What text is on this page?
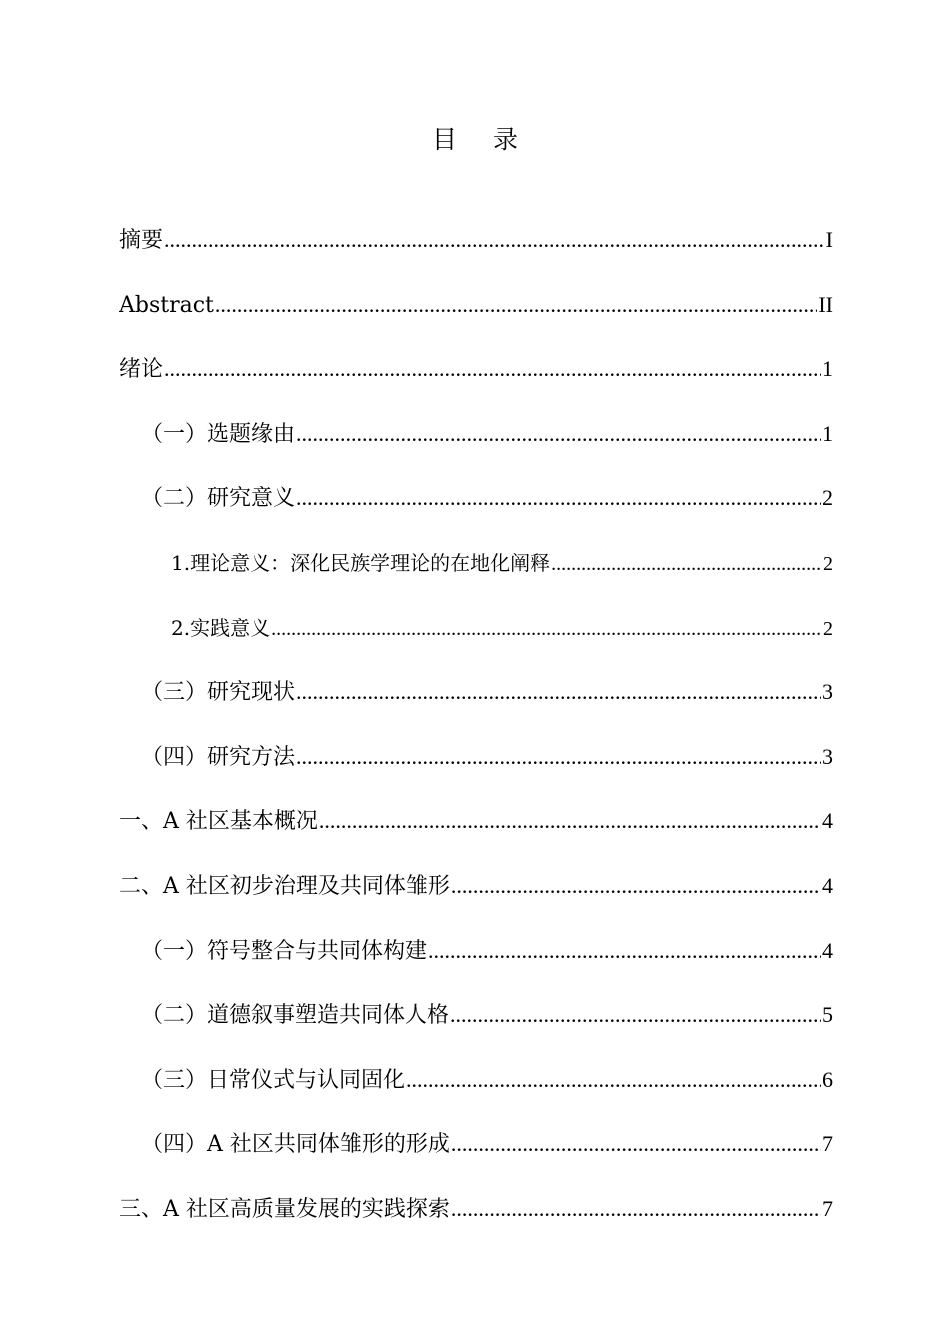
目 录
摘要 .....	I
Abstract .....	II
绪论 .....	1
（一）选题缘由 .....	1
（二）研究意义 .....	2
1.理论意义：深化民族学理论的在地化阐释 .....	2
2.实践意义 .....	2
（三）研究现状 .....	3
（四）研究方法 .....	3
一、A 社区基本概况 .....	4
二、A 社区初步治理及共同体雏形 .....	4
（一）符号整合与共同体构建 .....	4
（二）道德叙事塑造共同体人格 .....	5
（三）日常仪式与认同固化 .....	6
（四）A 社区共同体雏形的形成 .....	7
三、A 社区高质量发展的实践探索 .....	7
